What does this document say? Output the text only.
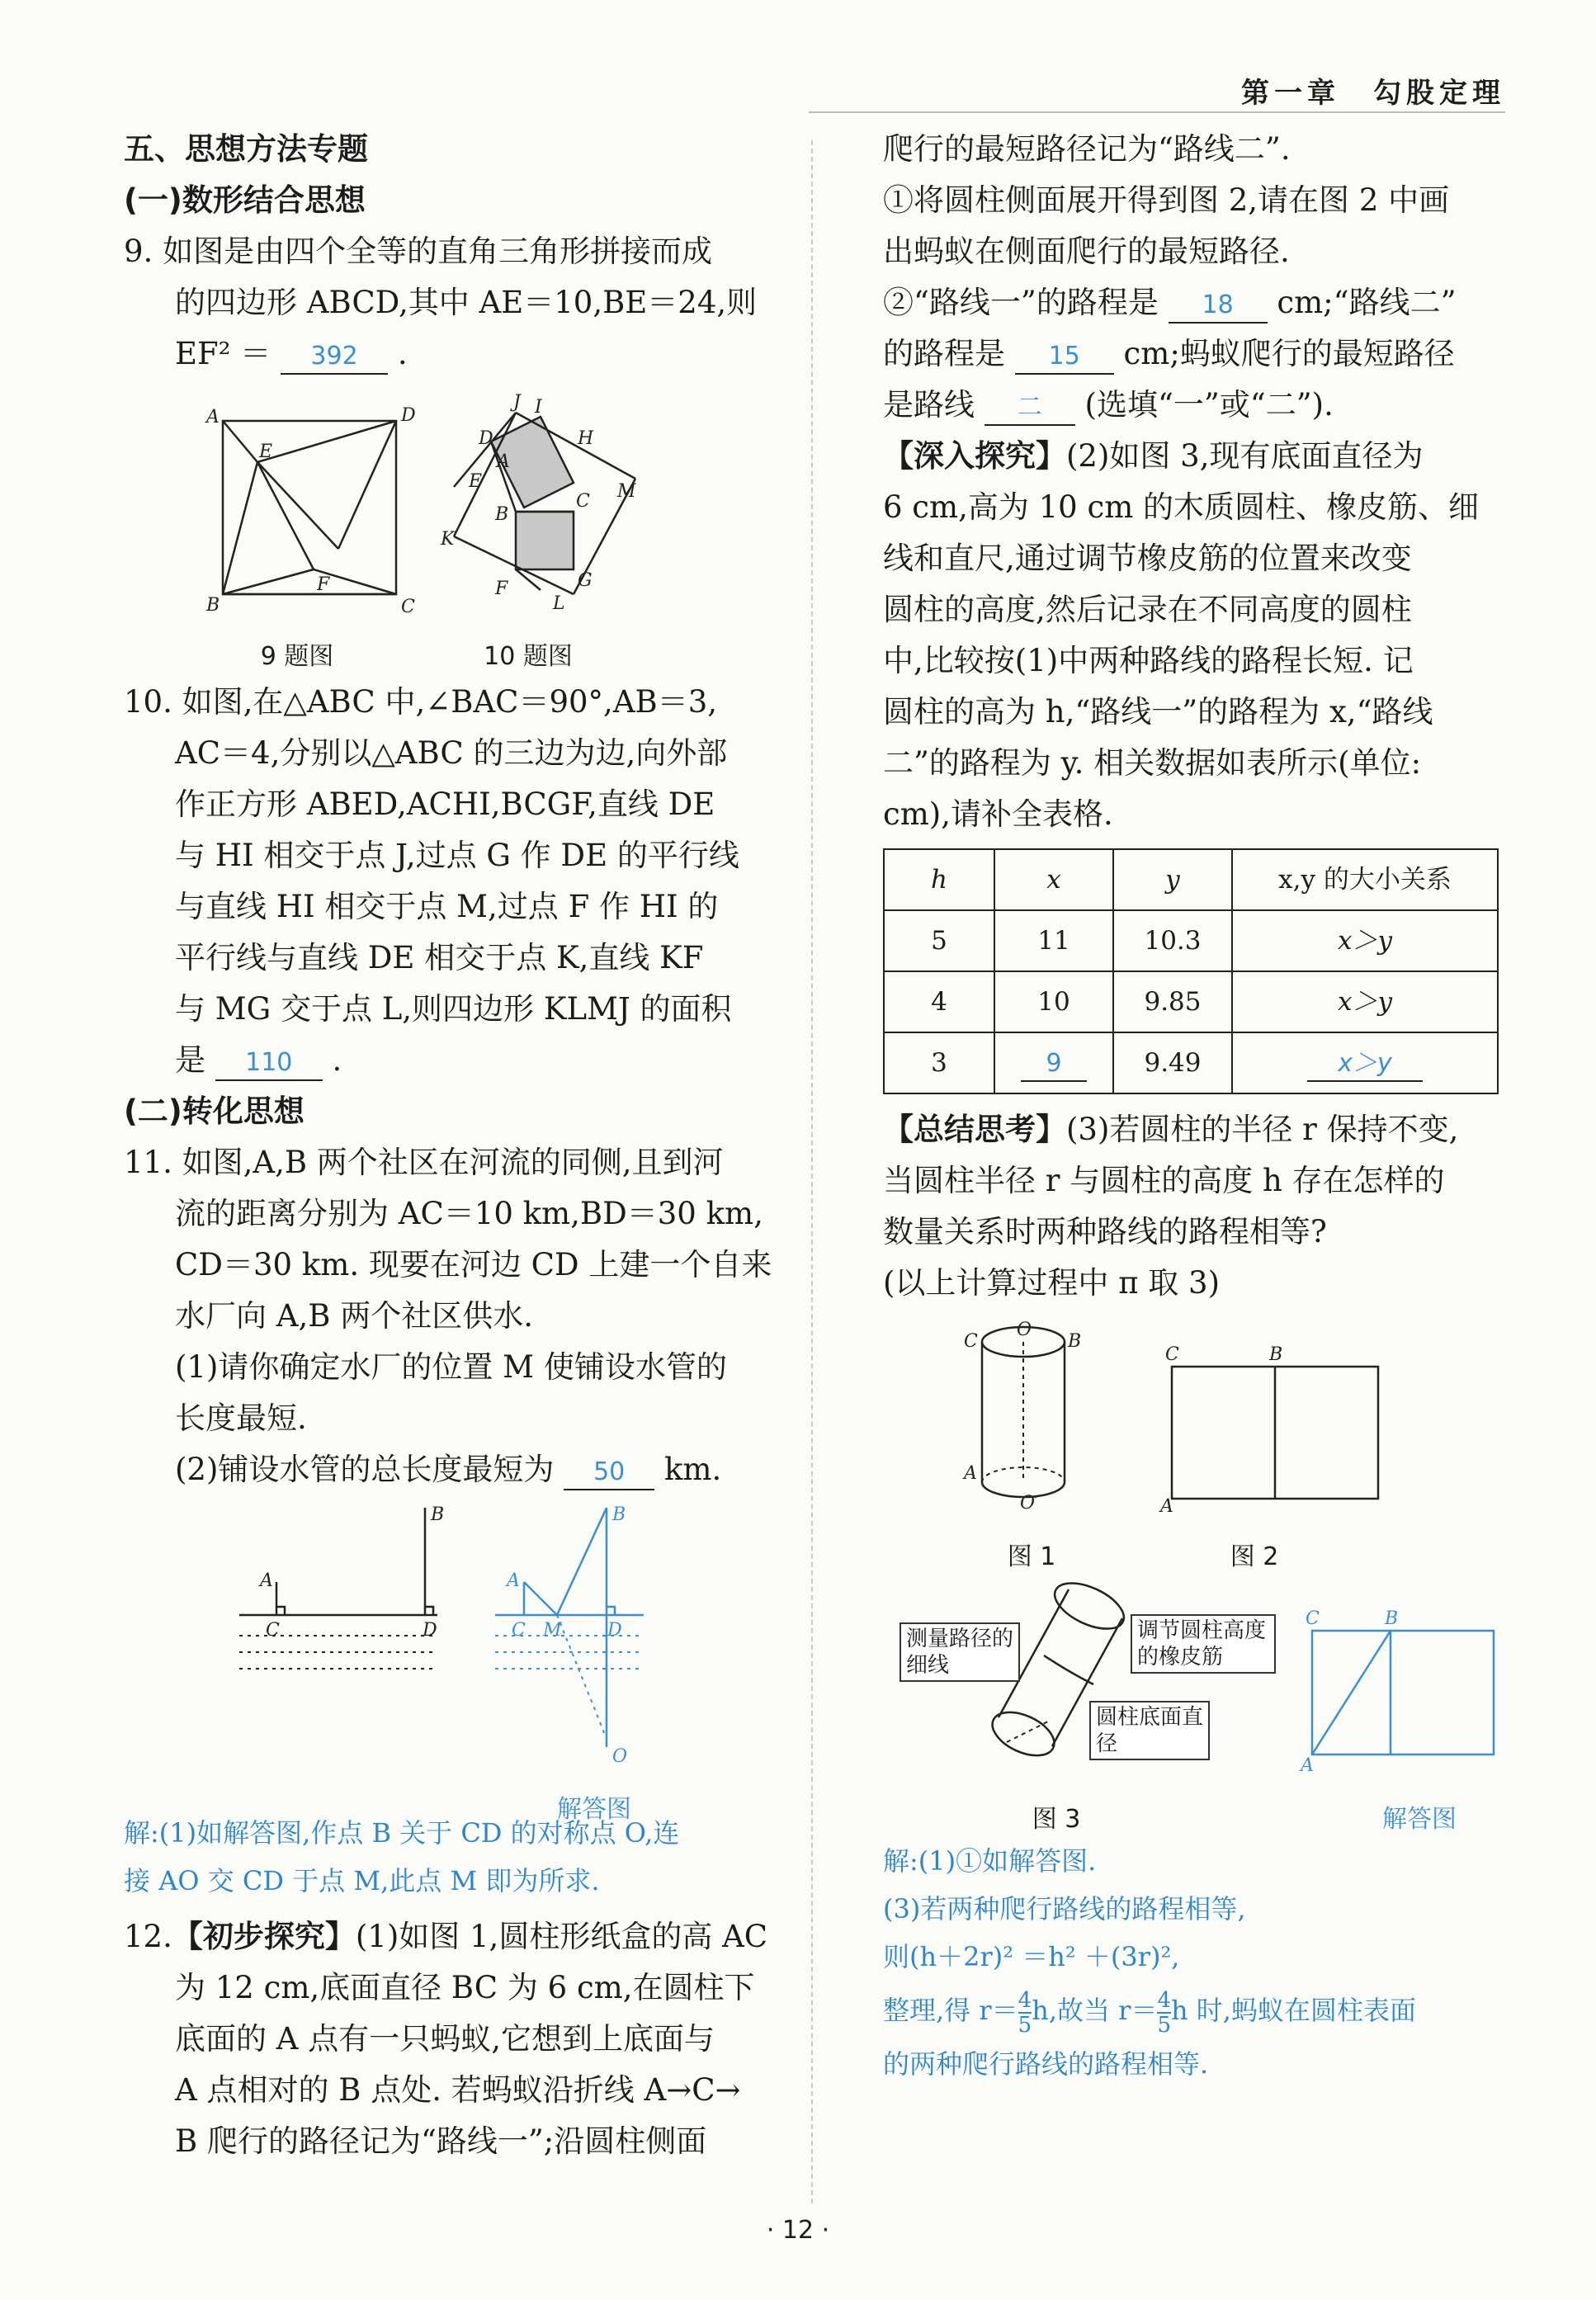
第一章　勾股定理
五、思想方法专题
(一)数形结合思想
9. 如图是由四个全等的直角三角形拼接而成
的四边形 ABCD,其中 AE＝10,BE＝24,则
EF² ＝ 392 .
A	D
E
F
B	C
J I
H
D
A
E
C
B
M
K
F	G
L
9 题图	10 题图
10. 如图,在△ABC 中,∠BAC＝90°,AB＝3,
AC＝4,分别以△ABC 的三边为边,向外部
作正方形 ABED,ACHI,BCGF,直线 DE
与 HI 相交于点 J,过点 G 作 DE 的平行线
与直线 HI 相交于点 M,过点 F 作 HI 的
平行线与直线 DE 相交于点 K,直线 KF
与 MG 交于点 L,则四边形 KLMJ 的面积
是 110 .
(二)转化思想
11. 如图,A,B 两个社区在河流的同侧,且到河
流的距离分别为 AC＝10 km,BD＝30 km,
CD＝30 km. 现要在河边 CD 上建一个自来
水厂向 A,B 两个社区供水.
(1)请你确定水厂的位置 M 使铺设水管的
长度最短.
(2)铺设水管的总长度最短为 50 km.
A
B
C	D
A
B
C M	D
O
解答图
解:(1)如解答图,作点 B 关于 CD 的对称点 O,连
接 AO 交 CD 于点 M,此点 M 即为所求.
12.【初步探究】(1)如图 1,圆柱形纸盒的高 AC
为 12 cm,底面直径 BC 为 6 cm,在圆柱下
底面的 A 点有一只蚂蚁,它想到上底面与
A 点相对的 B 点处. 若蚂蚁沿折线 A→C→
B 爬行的路径记为“路线一”;沿圆柱侧面
爬行的最短路径记为“路线二”.
①将圆柱侧面展开得到图 2,请在图 2 中画
出蚂蚁在侧面爬行的最短路径.
②“路线一”的路程是 18 cm;“路线二”
的路程是 15 cm;蚂蚁爬行的最短路径
是路线 二 (选填“一”或“二”).
【深入探究】(2)如图 3,现有底面直径为
6 cm,高为 10 cm 的木质圆柱、橡皮筋、细
线和直尺,通过调节橡皮筋的位置来改变
圆柱的高度,然后记录在不同高度的圆柱
中,比较按(1)中两种路线的路程长短. 记
圆柱的高为 h,“路线一”的路程为 x,“路线
二”的路程为 y. 相关数据如表所示(单位:
cm),请补全表格.
h	x	y	x,y 的大小关系
5	11	10.3	x＞y
4	10	9.85	x＞y
3	9	9.49	x＞y
【总结思考】(3)若圆柱的半径 r 保持不变,
当圆柱半径 r 与圆柱的高度 h 存在怎样的
数量关系时两种路线的路程相等?
(以上计算过程中 π 取 3)
C
O
B
A
O′
C	B
A
图 1	图 2
C	B
A
测量路径的细线
调节圆柱高度的橡皮筋
圆柱底面直径
图 3	解答图
解:(1)①如解答图.
(3)若两种爬行路线的路程相等,
则(h＋2r)² ＝h² ＋(3r)²,
整理,得 $r= \frac{4}{5} h$,故当 $r= \frac{4}{5}$ h 时,蚂蚁在圆柱表面
的两种爬行路线的路程相等.
· 12 ·
